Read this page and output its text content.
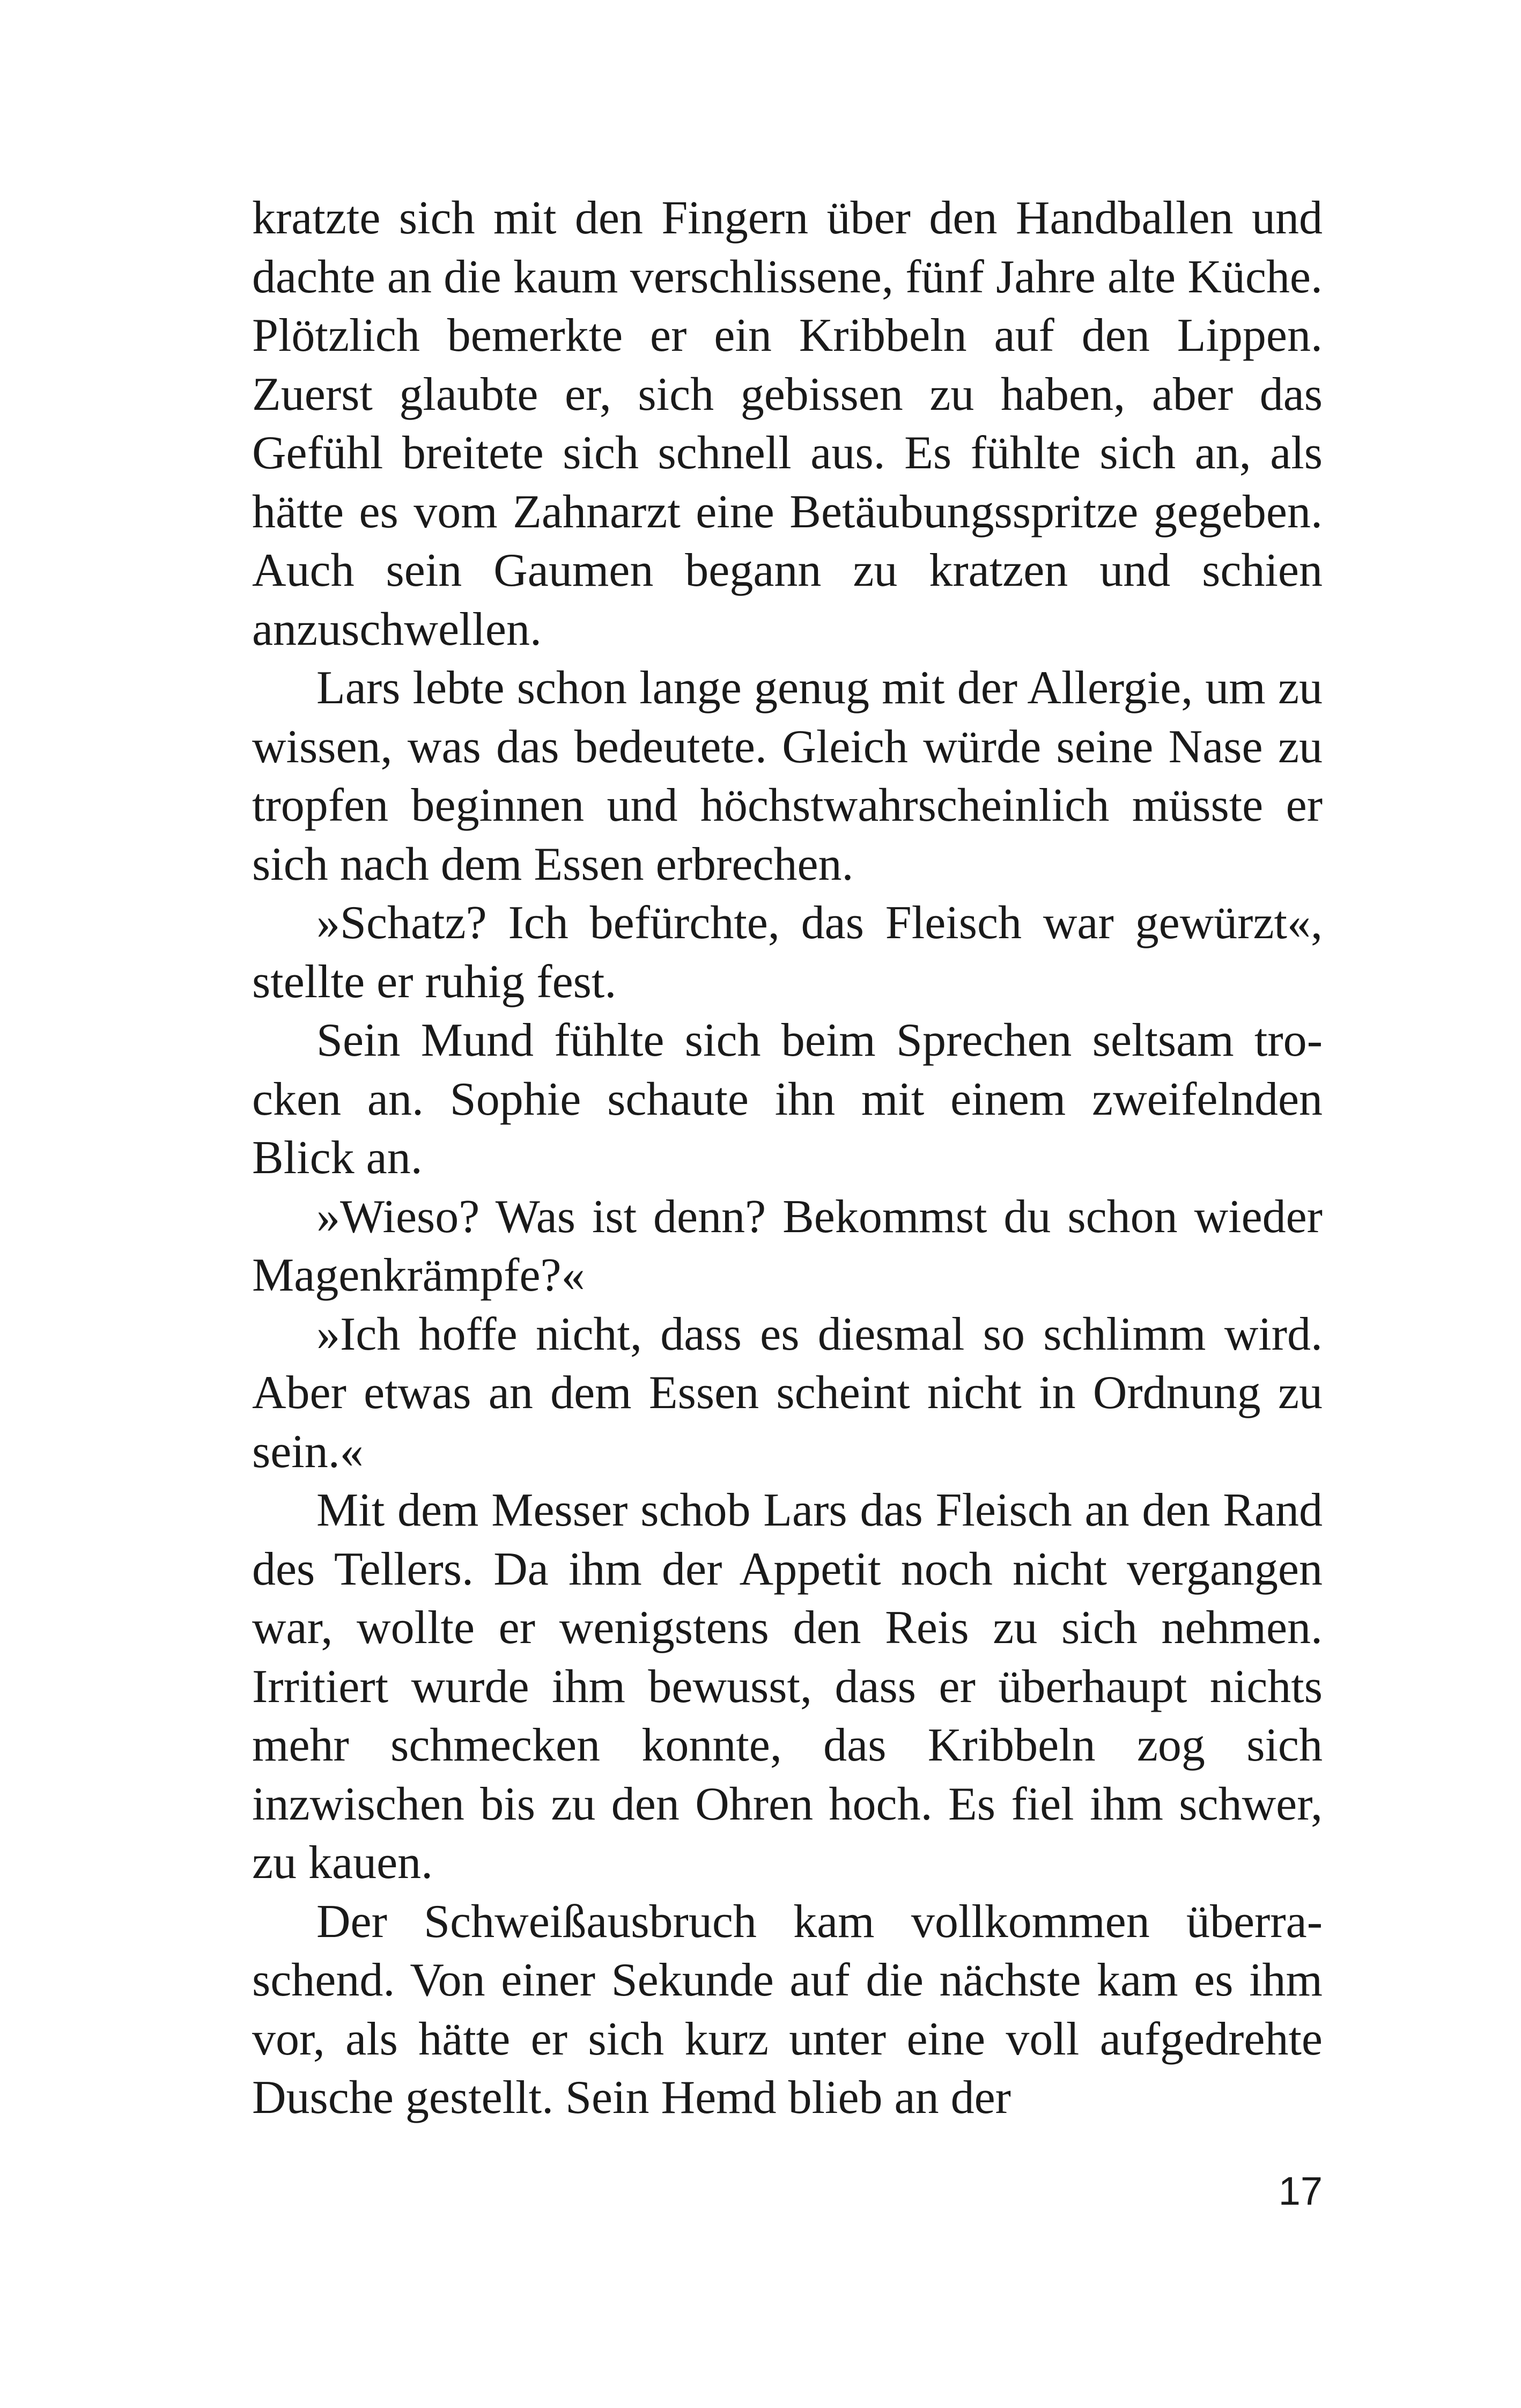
kratzte sich mit den Fingern über den Handballen und dachte an die kaum verschlissene, fünf Jahre alte Küche. Plötzlich bemerkte er ein Kribbeln auf den Lippen. Zuerst glaubte er, sich gebissen zu haben, aber das Gefühl breitete sich schnell aus. Es fühlte sich an, als hätte es vom Zahnarzt eine Betäubungsspritze gegeben. Auch sein Gaumen begann zu kratzen und schien anzuschwellen.

Lars lebte schon lange genug mit der Allergie, um zu wissen, was das bedeutete. Gleich würde seine Nase zu tropfen beginnen und höchstwahrscheinlich müsste er sich nach dem Essen erbrechen.

»Schatz? Ich befürchte, das Fleisch war gewürzt«, stellte er ruhig fest.

Sein Mund fühlte sich beim Sprechen seltsam trocken an. Sophie schaute ihn mit einem zweifelnden Blick an.

»Wieso? Was ist denn? Bekommst du schon wieder Magenkrämpfe?«

»Ich hoffe nicht, dass es diesmal so schlimm wird. Aber etwas an dem Essen scheint nicht in Ordnung zu sein.«

Mit dem Messer schob Lars das Fleisch an den Rand des Tellers. Da ihm der Appetit noch nicht vergangen war, wollte er wenigstens den Reis zu sich nehmen. Irritiert wurde ihm bewusst, dass er überhaupt nichts mehr schmecken konnte, das Kribbeln zog sich inzwischen bis zu den Ohren hoch. Es fiel ihm schwer, zu kauen.

Der Schweißausbruch kam vollkommen überraschend. Von einer Sekunde auf die nächste kam es ihm vor, als hätte er sich kurz unter eine voll aufgedrehte Dusche gestellt. Sein Hemd blieb an der

17
